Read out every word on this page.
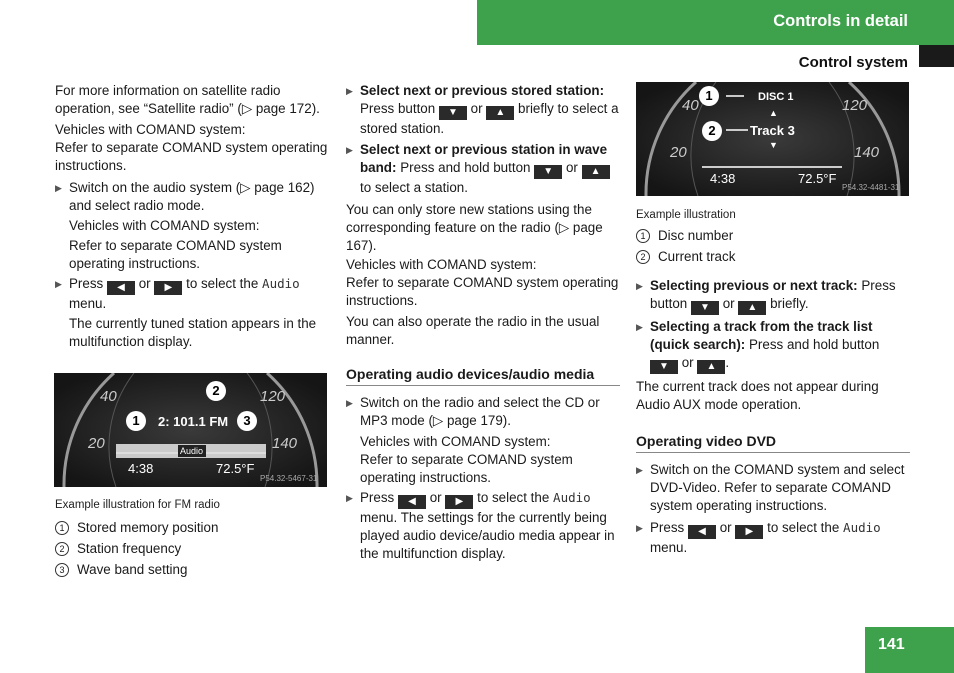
Controls in detail
Control system

For more information on satellite radio operation, see “Satellite radio” (▷ page 172).

Vehicles with COMAND system:

Refer to separate COMAND system operating instructions.

▶ Switch on the audio system (▷ page 162) and select radio mode.
Vehicles with COMAND system:
Refer to separate COMAND system operating instructions.
▶ Press ◀ or ▶ to select the Audio menu.
The currently tuned station appears in the multifunction display.
40
20
120
140
2: 101.1 FM
Audio
4:38	72.5°F
P54.32-5467-31
1
2
3
Example illustration for FM radio
1 Stored memory position
2 Station frequency
3 Wave band setting
▶ Select next or previous stored station: Press button ▼ or ▲ briefly to select a stored station.
▶ Select next or previous station in wave band: Press and hold button ▼ or ▲ to select a station.

You can only store new stations using the corresponding feature on the radio (▷ page 167).

Vehicles with COMAND system:

Refer to separate COMAND system operating instructions.

You can also operate the radio in the usual manner.

Operating audio devices/audio media
▶ Switch on the radio and select the CD or MP3 mode (▷ page 179).
Vehicles with COMAND system:
Refer to separate COMAND system operating instructions.
▶ Press ◀ or ▶ to select the Audio menu. The settings for the currently being played audio device/audio media appear in the multifunction display.
40
20
120
140
DISC 1
▲
Track 3
▼
4:38	72.5°F
P54.32-4481-31
1
2
Example illustration
1 Disc number
2 Current track
▶ Selecting previous or next track: Press button ▼ or ▲ briefly.
▶ Selecting a track from the track list (quick search): Press and hold button ▼ or ▲ .

The current track does not appear during Audio AUX mode operation.

Operating video DVD
▶ Switch on the COMAND system and select DVD-Video. Refer to separate COMAND system operating instructions.
▶ Press ◀ or ▶ to select the Audio menu.
141
